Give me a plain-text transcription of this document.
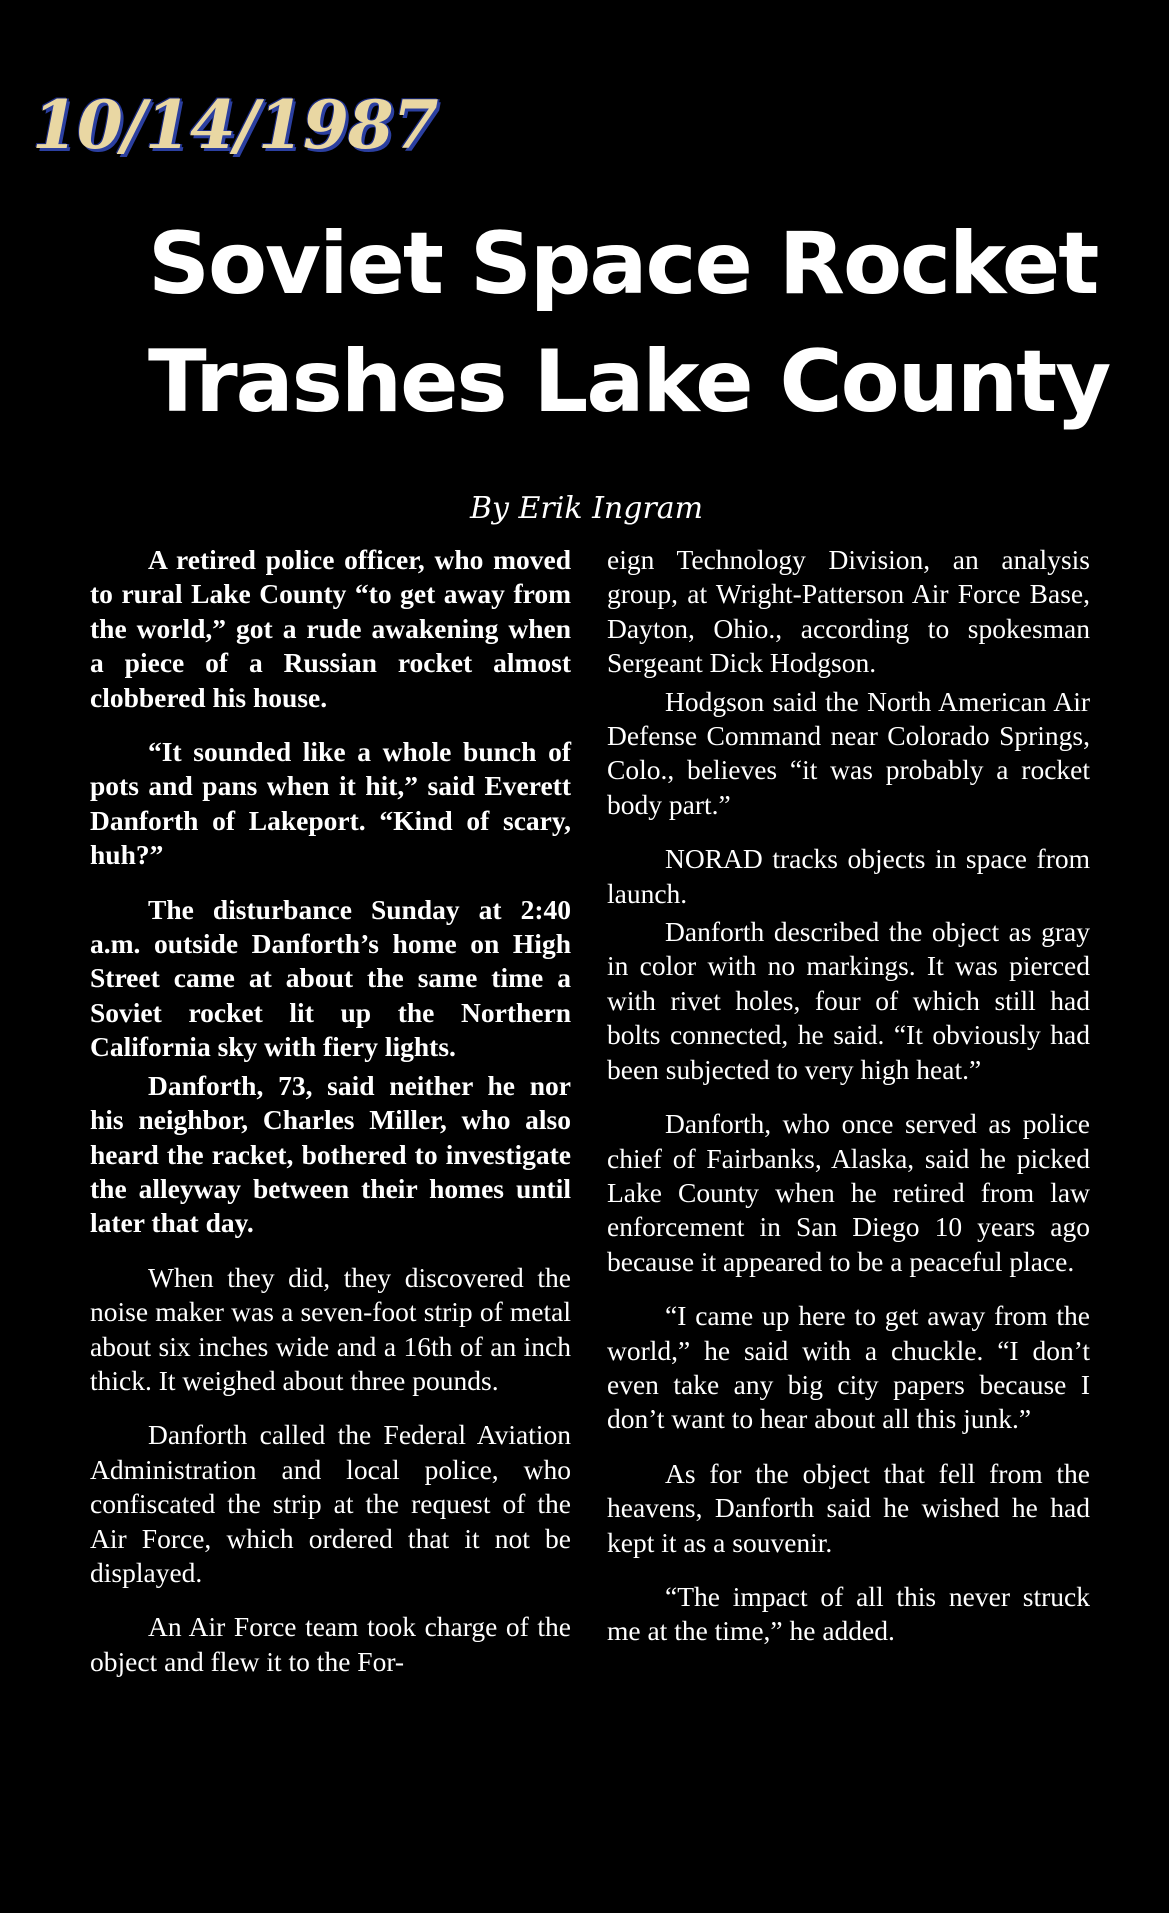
10/14/1987
Soviet Space Rocket
Trashes Lake County
By Erik Ingram

A retired police officer, who moved to rural Lake County “to get away from the world,” got a rude awakening when a piece of a Russian rocket almost clobbered his house.

“It sounded like a whole bunch of pots and pans when it hit,” said Everett Danforth of Lakeport. “Kind of scary, huh?”

The disturbance Sunday at 2:40 a.m. outside Danforth’s home on High Street came at about the same time a Soviet rocket lit up the Northern California sky with fiery lights.

Danforth, 73, said neither he nor his neighbor, Charles Miller, who also heard the racket, bothered to investigate the alleyway between their homes until later that day.

When they did, they discovered the noise maker was a seven-foot strip of metal about six inches wide and a 16th of an inch thick. It weighed about three pounds.

Danforth called the Federal Aviation Administration and local police, who confiscated the strip at the request of the Air Force, which ordered that it not be displayed.

An Air Force team took charge of the object and flew it to the For-

eign Technology Division, an analysis group, at Wright-Patterson Air Force Base, Dayton, Ohio., according to spokesman Sergeant Dick Hodgson.

Hodgson said the North American Air Defense Command near Colorado Springs, Colo., believes “it was probably a rocket body part.”

NORAD tracks objects in space from launch.

Danforth described the object as gray in color with no markings. It was pierced with rivet holes, four of which still had bolts connected, he said. “It obviously had been subjected to very high heat.”

Danforth, who once served as police chief of Fairbanks, Alaska, said he picked Lake County when he retired from law enforcement in San Diego 10 years ago because it appeared to be a peaceful place.

“I came up here to get away from the world,” he said with a chuckle. “I don’t even take any big city papers because I don’t want to hear about all this junk.”

As for the object that fell from the heavens, Danforth said he wished he had kept it as a souvenir.

“The impact of all this never struck me at the time,” he added.
